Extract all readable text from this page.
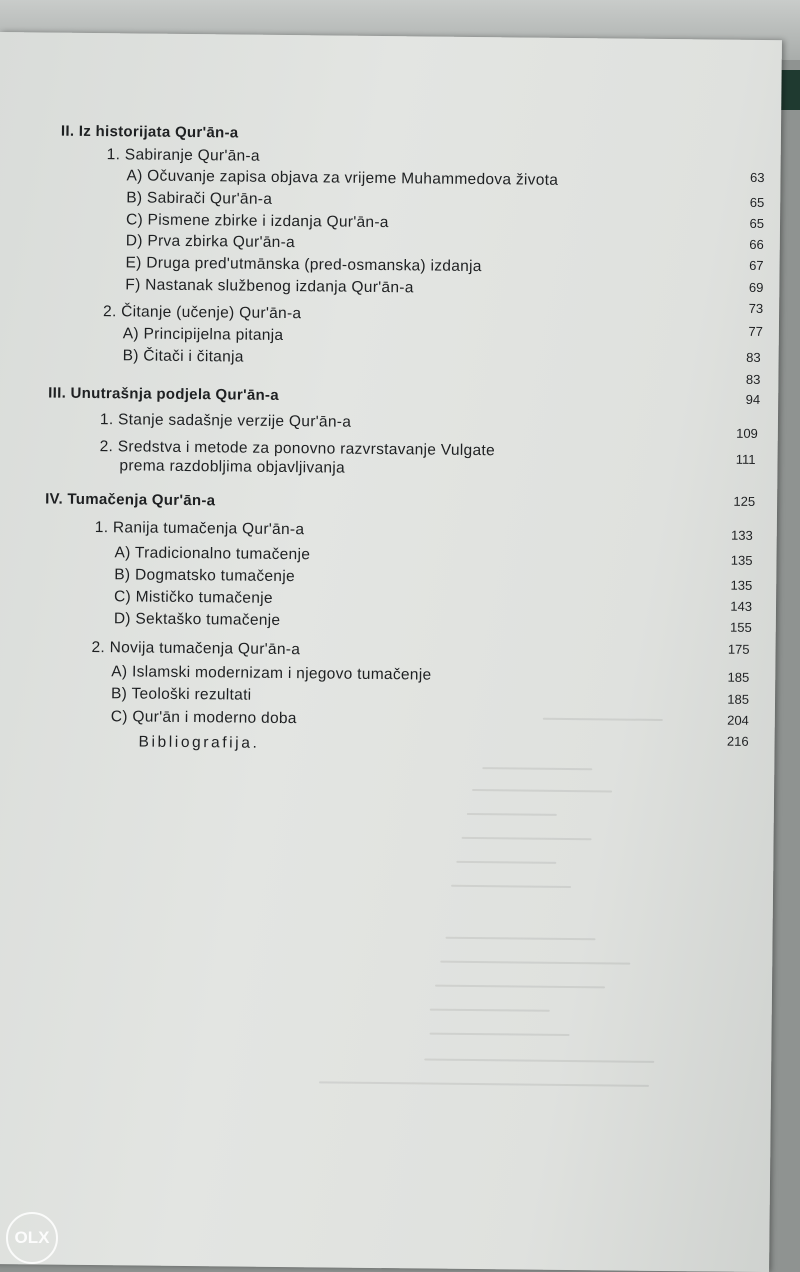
II. Iz historijata Qur'ān-a
1. Sabiranje Qur'ān-a
A) Očuvanje zapisa objava za vrijeme Muhammedova života
B) Sabirači Qur'ān-a
C) Pismene zbirke i izdanja Qur'ān-a
D) Prva zbirka Qur'ān-a
E) Druga pred'utmānska (pred-osmanska) izdanja
F) Nastanak službenog izdanja Qur'ān-a
2. Čitanje (učenje) Qur'ān-a
A) Principijelna pitanja
B) Čitači i čitanja
III. Unutrašnja podjela Qur'ān-a
1. Stanje sadašnje verzije Qur'ān-a
2. Sredstva i metode za ponovno razvrstavanje Vulgate
prema razdobljima objavljivanja
IV. Tumačenja Qur'ān-a
1. Ranija tumačenja Qur'ān-a
A) Tradicionalno tumačenje
B) Dogmatsko tumačenje
C) Mističko tumačenje
D) Sektaško tumačenje
2. Novija tumačenja Qur'ān-a
A) Islamski modernizam i njegovo tumačenje
B) Teološki rezultati
C) Qur'ān i moderno doba
Bibliografija.
63
65
65
66
67
69
73
77
83
83
94
109
111
125
133
135
135
143
155
175
185
185
204
216
OLX
